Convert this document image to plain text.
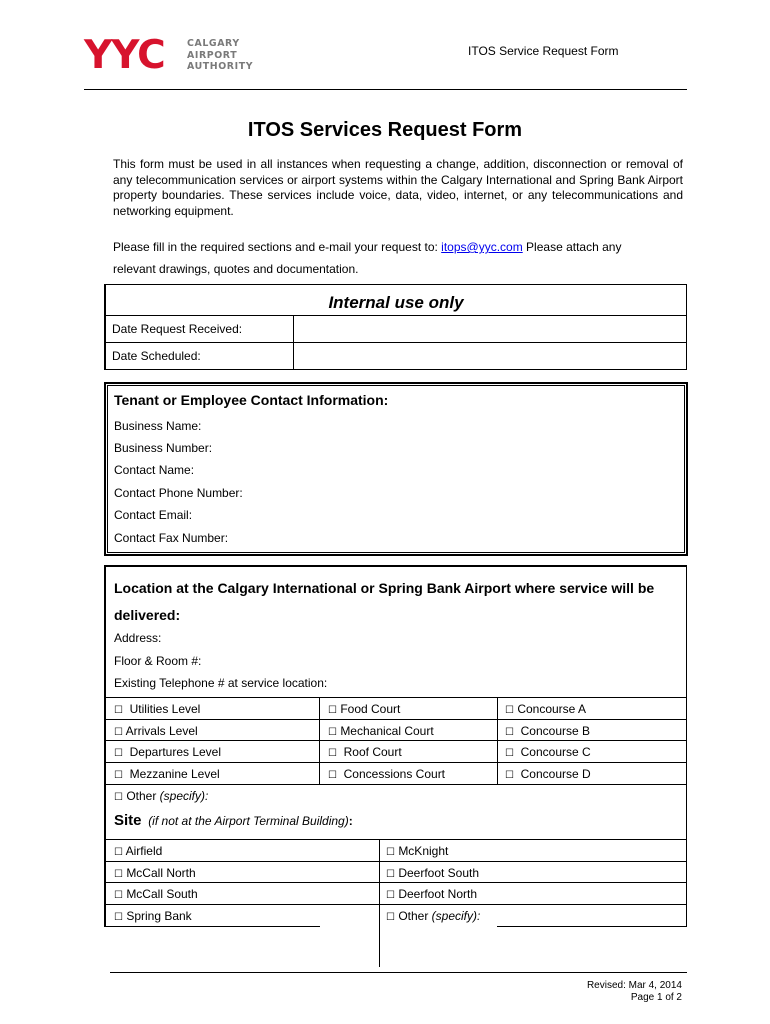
YYC CALGARY
AIRPORT
AUTHORITY
ITOS Service Request Form
ITOS Services Request Form
This form must be used in all instances when requesting a change, addition, disconnection or removal of any telecommunication services or airport systems within the Calgary International and Spring Bank Airport property boundaries. These services include voice, data, video, internet, or any telecommunications and networking equipment.
Please fill in the required sections and e-mail your request to: itops@yyc.com Please attach any
relevant drawings, quotes and documentation.
Internal use only
Date Request Received:
Date Scheduled:
Tenant or Employee Contact Information:
Business Name:
Business Number:
Contact Name:
Contact Phone Number:
Contact Email:
Contact Fax Number:
Location at the Calgary International or Spring Bank Airport where service will be delivered:
Address:
Floor & Room #:
Existing Telephone # at service location:
☐ Utilities Level
☐ Arrivals Level
☐ Departures Level
☐ Mezzanine Level
☐ Food Court
☐ Mechanical Court
☐ Roof Court
☐ Concessions Court
☐ Concourse A
☐ Concourse B
☐ Concourse C
☐ Concourse D
☐ Other (specify):
Site (if not at the Airport Terminal Building):
☐ Airfield
☐ McCall North
☐ McCall South
☐ Spring Bank
☐ McKnight
☐ Deerfoot South
☐ Deerfoot North
☐ Other (specify):
Revised: Mar 4, 2014
Page 1 of 2
